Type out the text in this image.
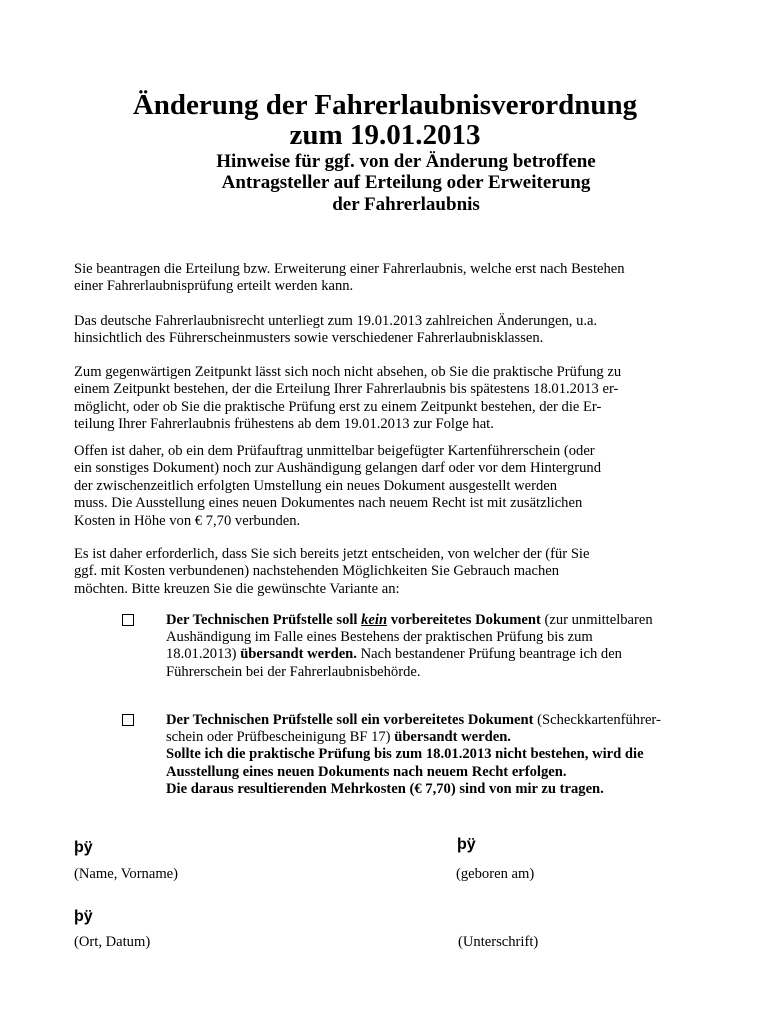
Änderung der Fahrerlaubnisverordnung
zum 19.01.2013
Hinweise für ggf. von der Änderung betroffene
Antragsteller auf Erteilung oder Erweiterung
der Fahrerlaubnis
Sie beantragen die Erteilung bzw. Erweiterung einer Fahrerlaubnis, welche erst nach Bestehen
einer Fahrerlaubnisprüfung erteilt werden kann.
Das deutsche Fahrerlaubnisrecht unterliegt zum 19.01.2013 zahlreichen Änderungen, u.a.
hinsichtlich des Führerscheinmusters sowie verschiedener Fahrerlaubnisklassen.
Zum gegenwärtigen Zeitpunkt lässt sich noch nicht absehen, ob Sie die praktische Prüfung zu
einem Zeitpunkt bestehen, der die Erteilung Ihrer Fahrerlaubnis bis spätestens 18.01.2013 er-
möglicht, oder ob Sie die praktische Prüfung erst zu einem Zeitpunkt bestehen, der die Er-
teilung Ihrer Fahrerlaubnis frühestens ab dem 19.01.2013 zur Folge hat.
Offen ist daher, ob ein dem Prüfauftrag unmittelbar beigefügter Kartenführerschein (oder
ein sonstiges Dokument) noch zur Aushändigung gelangen darf oder vor dem Hintergrund
der zwischenzeitlich erfolgten Umstellung ein neues Dokument ausgestellt werden
muss. Die Ausstellung eines neuen Dokumentes nach neuem Recht ist mit zusätzlichen
Kosten in Höhe von € 7,70 verbunden.
Es ist daher erforderlich, dass Sie sich bereits jetzt entscheiden, von welcher der (für Sie
ggf. mit Kosten verbundenen) nachstehenden Möglichkeiten Sie Gebrauch machen
möchten. Bitte kreuzen Sie die gewünschte Variante an:
Der Technischen Prüfstelle soll kein vorbereitetes Dokument (zur unmittelbaren
Aushändigung im Falle eines Bestehens der praktischen Prüfung bis zum
18.01.2013) übersandt werden. Nach bestandener Prüfung beantrage ich den
Führerschein bei der Fahrerlaubnisbehörde.
Der Technischen Prüfstelle soll ein vorbereitetes Dokument (Scheckkartenführer-
schein oder Prüfbescheinigung BF 17) übersandt werden.
Sollte ich die praktische Prüfung bis zum 18.01.2013 nicht bestehen, wird die
Ausstellung eines neuen Dokuments nach neuem Recht erfolgen.
Die daraus resultierenden Mehrkosten (€ 7,70) sind von mir zu tragen.
þÿ	þÿ
þÿ
(Name, Vorname)	(geboren am)
(Ort, Datum)	(Unterschrift)
